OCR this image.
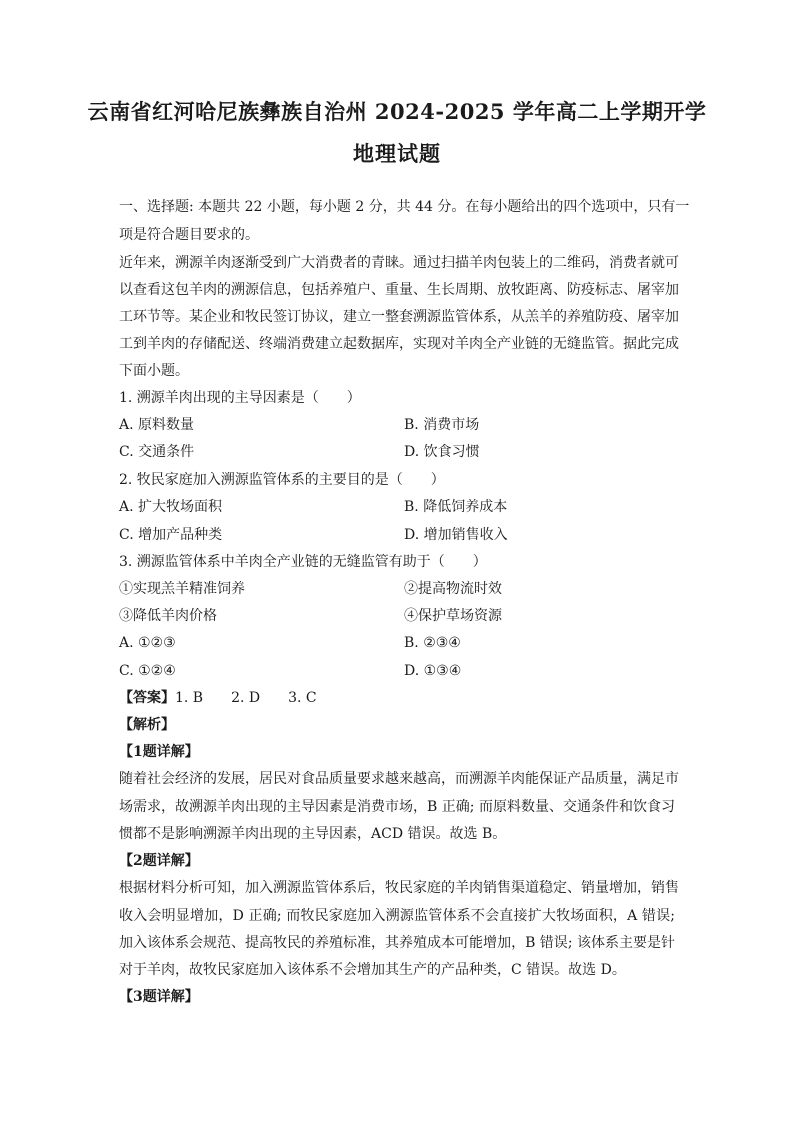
云南省红河哈尼族彝族自治州 2024-2025 学年高二上学期开学
地理试题
一、选择题: 本题共 22 小题，每小题 2 分，共 44 分。在每小题给出的四个选项中，只有一
项是符合题目要求的。
近年来，溯源羊肉逐渐受到广大消费者的青睐。通过扫描羊肉包装上的二维码，消费者就可
以查看这包羊肉的溯源信息，包括养殖户、重量、生长周期、放牧距离、防疫标志、屠宰加
工环节等。某企业和牧民签订协议，建立一整套溯源监管体系，从羔羊的养殖防疫、屠宰加
工到羊肉的存储配送、终端消费建立起数据库，实现对羊肉全产业链的无缝监管。据此完成
下面小题。
1. 溯源羊肉出现的主导因素是（　　）
A. 原料数量	B. 消费市场
C. 交通条件	D. 饮食习惯
2. 牧民家庭加入溯源监管体系的主要目的是（　　）
A. 扩大牧场面积	B. 降低饲养成本
C. 增加产品种类	D. 增加销售收入
3. 溯源监管体系中羊肉全产业链的无缝监管有助于（　　）
①实现羔羊精准饲养	②提高物流时效
③降低羊肉价格	④保护草场资源
A. ①②③	B. ②③④
C. ①②④	D. ①③④
【答案】1. B　　2. D　　3. C
【解析】
【1题详解】
随着社会经济的发展，居民对食品质量要求越来越高，而溯源羊肉能保证产品质量，满足市
场需求，故溯源羊肉出现的主导因素是消费市场，B 正确; 而原料数量、交通条件和饮食习
惯都不是影响溯源羊肉出现的主导因素，ACD 错误。故选 B。
【2题详解】
根据材料分析可知，加入溯源监管体系后，牧民家庭的羊肉销售渠道稳定、销量增加，销售
收入会明显增加，D 正确; 而牧民家庭加入溯源监管体系不会直接扩大牧场面积，A 错误;
加入该体系会规范、提高牧民的养殖标准，其养殖成本可能增加，B 错误; 该体系主要是针
对于羊肉，故牧民家庭加入该体系不会增加其生产的产品种类，C 错误。故选 D。
【3题详解】
